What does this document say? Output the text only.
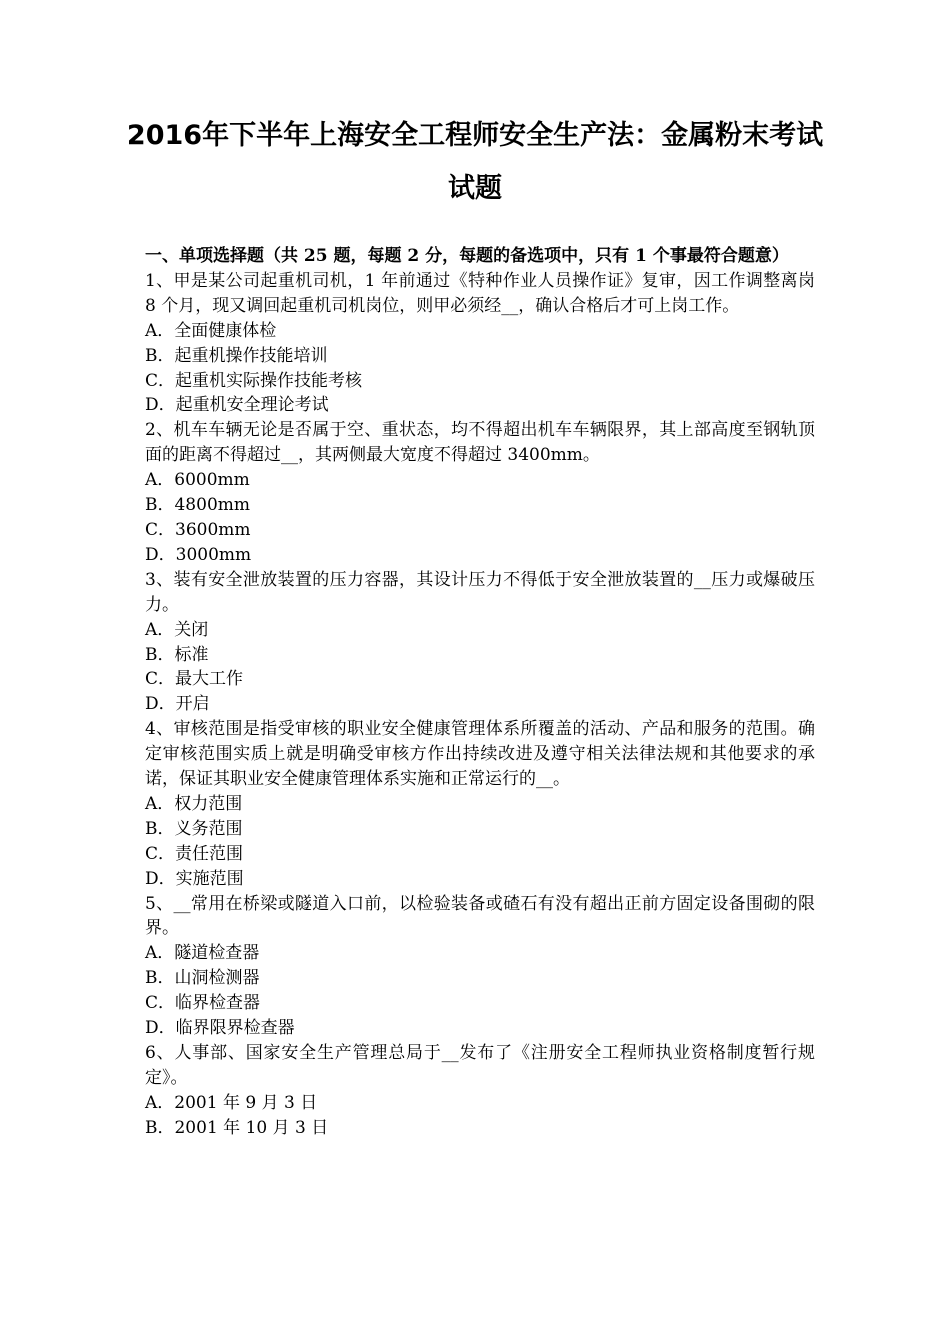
2016年下半年上海安全工程师安全生产法：金属粉末考试
试题

一、单项选择题（共 25 题，每题 2 分，每题的备选项中，只有 1 个事最符合题意）

1、甲是某公司起重机司机，1 年前通过《特种作业人员操作证》复审，因工作调整离岗 8 个月，现又调回起重机司机岗位，则甲必须经__，确认合格后才可上岗工作。

A．全面健康体检

B．起重机操作技能培训

C．起重机实际操作技能考核

D．起重机安全理论考试

2、机车车辆无论是否属于空、重状态，均不得超出机车车辆限界，其上部高度至钢轨顶面的距离不得超过__，其两侧最大宽度不得超过 3400mm。

A．6000mm

B．4800mm

C．3600mm

D．3000mm

3、装有安全泄放装置的压力容器，其设计压力不得低于安全泄放装置的__压力或爆破压力。

A．关闭

B．标准

C．最大工作

D．开启

4、审核范围是指受审核的职业安全健康管理体系所覆盖的活动、产品和服务的范围。确定审核范围实质上就是明确受审核方作出持续改进及遵守相关法律法规和其他要求的承诺，保证其职业安全健康管理体系实施和正常运行的__。

A．权力范围

B．义务范围

C．责任范围

D．实施范围

5、__常用在桥梁或隧道入口前，以检验装备或碴石有没有超出正前方固定设备围砌的限界。

A．隧道检查器

B．山洞检测器

C．临界检查器

D．临界限界检查器

6、人事部、国家安全生产管理总局于__发布了《注册安全工程师执业资格制度暂行规定》。

A．2001 年 9 月 3 日

B．2001 年 10 月 3 日
